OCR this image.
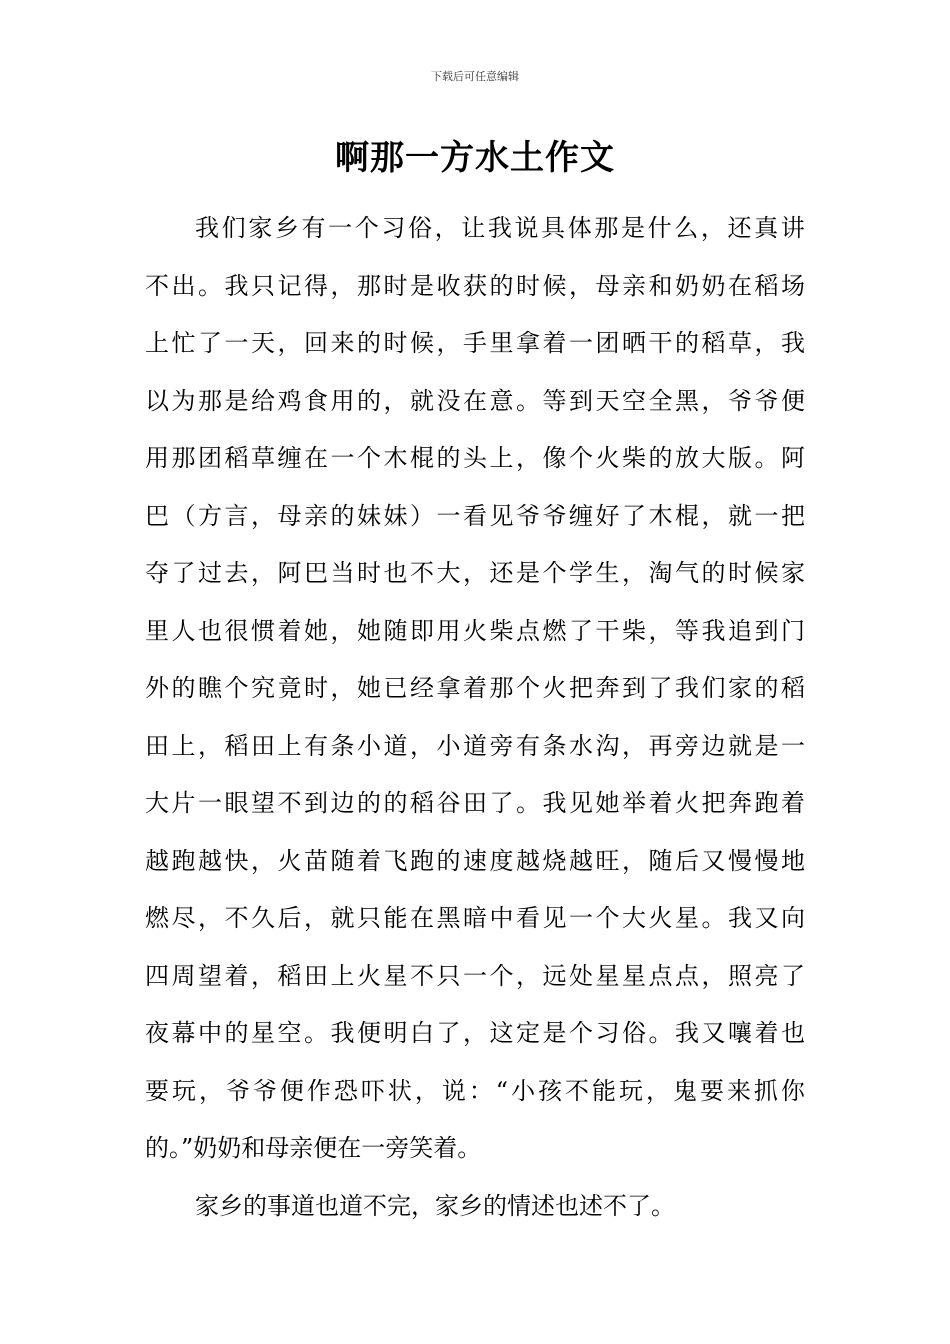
下载后可任意编辑
啊那一方水土作文
我 们 家 乡 有 一 个 习 俗 ， 让 我 说 具 体 那 是 什 么 ， 还 真 讲
不 出 。 我 只 记 得 ， 那 时 是 收 获 的 时 候 ， 母 亲 和 奶 奶 在 稻 场
上 忙 了 一 天 ， 回 来 的 时 候 ， 手 里 拿 着 一 团 晒 干 的 稻 草 ， 我
以 为 那 是 给 鸡 食 用 的 ， 就 没 在 意 。 等 到 天 空 全 黑 ， 爷 爷 便
用 那 团 稻 草 缠 在 一 个 木 棍 的 头 上 ， 像 个 火 柴 的 放 大 版 。 阿
巴 （ 方 言 ， 母 亲 的 妹 妹 ） 一 看 见 爷 爷 缠 好 了 木 棍 ， 就 一 把
夺 了 过 去 ， 阿 巴 当 时 也 不 大 ， 还 是 个 学 生 ， 淘 气 的 时 候 家
里 人 也 很 惯 着 她 ， 她 随 即 用 火 柴 点 燃 了 干 柴 ， 等 我 追 到 门
外 的 瞧 个 究 竟 时 ， 她 已 经 拿 着 那 个 火 把 奔 到 了 我 们 家 的 稻
田 上 ， 稻 田 上 有 条 小 道 ， 小 道 旁 有 条 水 沟 ， 再 旁 边 就 是 一
大 片 一 眼 望 不 到 边 的 的 稻 谷 田 了 。 我 见 她 举 着 火 把 奔 跑 着
越 跑 越 快 ， 火 苗 随 着 飞 跑 的 速 度 越 烧 越 旺 ， 随 后 又 慢 慢 地
燃 尽 ， 不 久 后 ， 就 只 能 在 黑 暗 中 看 见 一 个 大 火 星 。 我 又 向
四 周 望 着 ， 稻 田 上 火 星 不 只 一 个 ， 远 处 星 星 点 点 ， 照 亮 了
夜 幕 中 的 星 空 。 我 便 明 白 了 ， 这 定 是 个 习 俗 。 我 又 嚷 着 也
要 玩 ， 爷 爷 便 作 恐 吓 状 ， 说 ： “ 小 孩 不 能 玩 ， 鬼 要 来 抓 你
的。”奶奶和母亲便在一旁笑着。
家乡的事道也道不完，家乡的情述也述不了。
